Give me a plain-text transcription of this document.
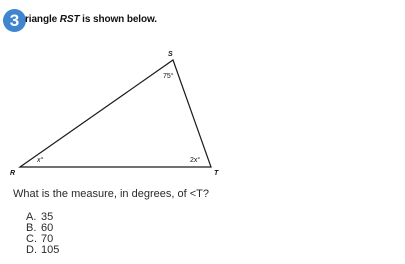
3 riangle RST is shown below.
S
R	T
75°
x°	2x°
What is the measure, in degrees, of <T?
A. 35
B. 60
C. 70
D. 105
